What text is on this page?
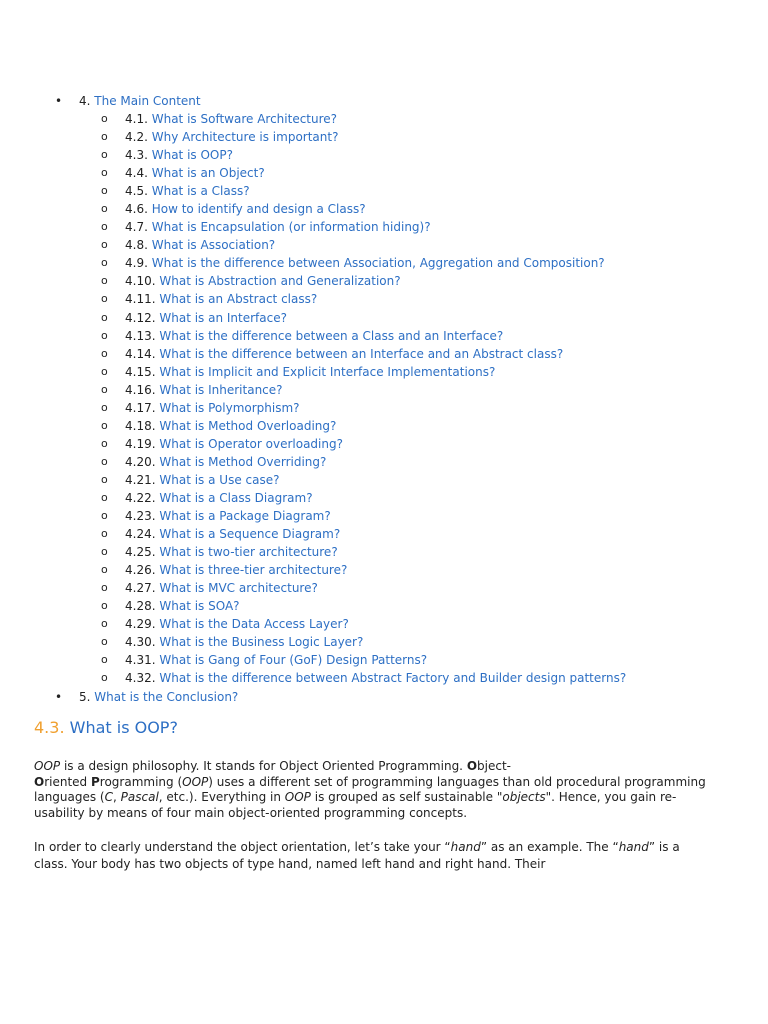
• 4. The Main Content
o 4.1. What is Software Architecture?
o 4.2. Why Architecture is important?
o 4.3. What is OOP?
o 4.4. What is an Object?
o 4.5. What is a Class?
o 4.6. How to identify and design a Class?
o 4.7. What is Encapsulation (or information hiding)?
o 4.8. What is Association?
o 4.9. What is the difference between Association, Aggregation and Composition?
o 4.10. What is Abstraction and Generalization?
o 4.11. What is an Abstract class?
o 4.12. What is an Interface?
o 4.13. What is the difference between a Class and an Interface?
o 4.14. What is the difference between an Interface and an Abstract class?
o 4.15. What is Implicit and Explicit Interface Implementations?
o 4.16. What is Inheritance?
o 4.17. What is Polymorphism?
o 4.18. What is Method Overloading?
o 4.19. What is Operator overloading?
o 4.20. What is Method Overriding?
o 4.21. What is a Use case?
o 4.22. What is a Class Diagram?
o 4.23. What is a Package Diagram?
o 4.24. What is a Sequence Diagram?
o 4.25. What is two-tier architecture?
o 4.26. What is three-tier architecture?
o 4.27. What is MVC architecture?
o 4.28. What is SOA?
o 4.29. What is the Data Access Layer?
o 4.30. What is the Business Logic Layer?
o 4.31. What is Gang of Four (GoF) Design Patterns?
o 4.32. What is the difference between Abstract Factory and Builder design patterns?
• 5. What is the Conclusion?
4.3. What is OOP?

OOP is a design philosophy. It stands for Object Oriented Programming. Object-
Oriented Programming (OOP) uses a different set of programming languages than old procedural programming languages (C, Pascal, etc.). Everything in OOP is grouped as self sustainable "objects". Hence, you gain re-usability by means of four main object-oriented programming concepts.

In order to clearly understand the object orientation, let’s take your “hand” as an example. The “hand” is a class. Your body has two objects of type hand, named left hand and right hand. Their
